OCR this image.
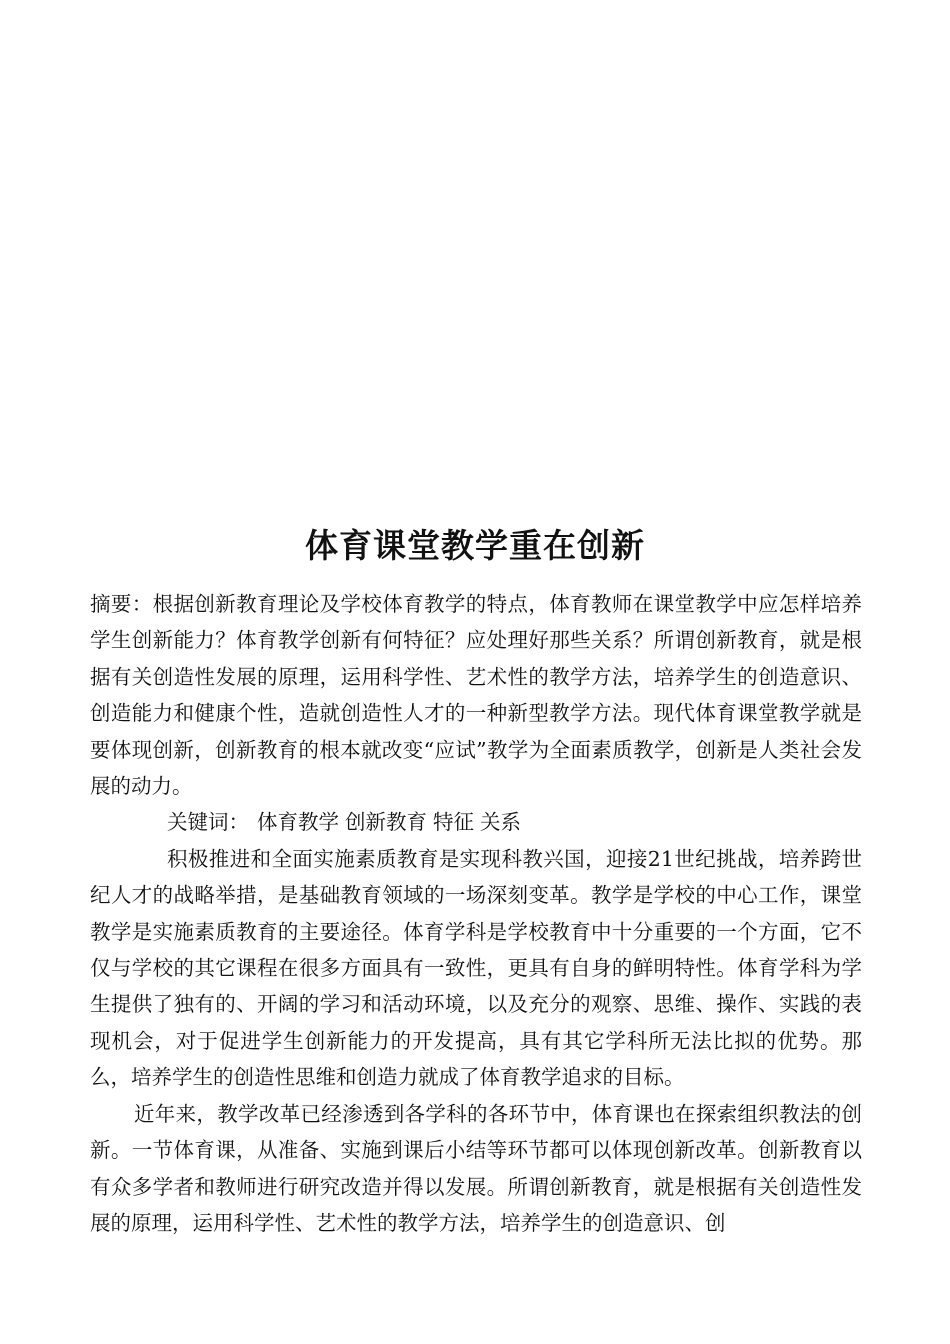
体育课堂教学重在创新

摘要：根据创新教育理论及学校体育教学的特点，体育教师在课堂教学中应怎样培养学生创新能力？体育教学创新有何特征？应处理好那些关系？所谓创新教育，就是根据有关创造性发展的原理，运用科学性、艺术性的教学方法，培养学生的创造意识、创造能力和健康个性，造就创造性人才的一种新型教学方法。现代体育课堂教学就是要体现创新，创新教育的根本就改变“应试”教学为全面素质教学，创新是人类社会发展的动力。

关键词： 体育教学 创新教育 特征 关系

积极推进和全面实施素质教育是实现科教兴国，迎接21世纪挑战，培养跨世纪人才的战略举措，是基础教育领域的一场深刻变革。教学是学校的中心工作，课堂教学是实施素质教育的主要途径。体育学科是学校教育中十分重要的一个方面，它不仅与学校的其它课程在很多方面具有一致性，更具有自身的鲜明特性。体育学科为学生提供了独有的、开阔的学习和活动环境，以及充分的观察、思维、操作、实践的表现机会，对于促进学生创新能力的开发提高，具有其它学科所无法比拟的优势。那么，培养学生的创造性思维和创造力就成了体育教学追求的目标。

近年来，教学改革已经渗透到各学科的各环节中，体育课也在探索组织教法的创新。一节体育课，从准备、实施到课后小结等环节都可以体现创新改革。创新教育以有众多学者和教师进行研究改造并得以发展。所谓创新教育，就是根据有关创造性发展的原理，运用科学性、艺术性的教学方法，培养学生的创造意识、创
